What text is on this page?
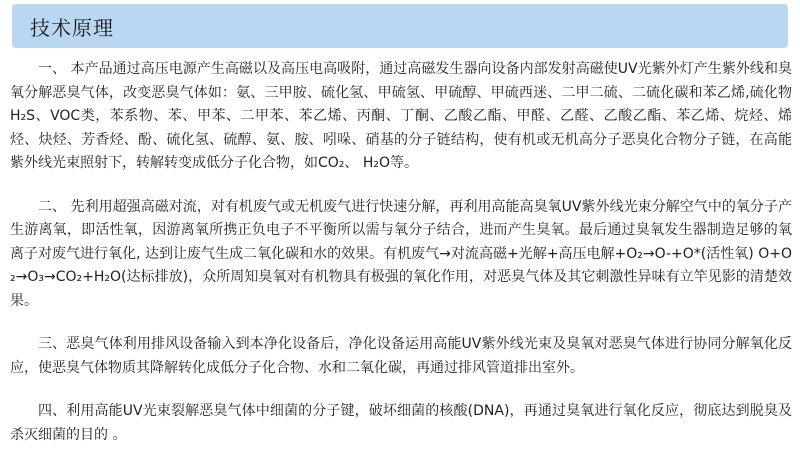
技术原理

一、 本产品通过高压电源产生高磁以及高压电高吸附，通过高磁发生器向设备内部发射高磁使UV光紫外灯产生紫外线和臭氧分解恶臭气体，改变恶臭气体如：氨、三甲胺、硫化氢、甲硫氢、甲硫醇、甲硫西迷、二甲二硫、二硫化碳和苯乙烯,硫化物H₂S、VOC类，苯系物、苯、甲苯、二甲苯、苯乙烯、丙酮、丁酮、乙酸乙酯、甲醛、乙醛、乙酸乙酯、苯乙烯、烷烃、烯烃、炔烃、芳香烃、酚、硫化氢、硫醇、氨、胺、吲哚、硝基的分子链结构，使有机或无机高分子恶臭化合物分子链，在高能紫外线光束照射下，转解转变成低分子化合物，如CO₂、 H₂O等。

二、 先利用超强高磁对流，对有机废气或无机废气进行快速分解，再利用高能高臭氧UV紫外线光束分解空气中的氧分子产生游离氧，即活性氧，因游离氧所携正负电子不平衡所以需与氧分子结合，进而产生臭氧。最后通过臭氧发生器制造足够的氧离子对废气进行氧化, 达到让废气生成二氧化碳和水的效果。有机废气→对流高磁+光解+高压电解+O₂→O-+O*(活性氧) O+O₂→O₃→CO₂+H₂O(达标排放)，众所周知臭氧对有机物具有极强的氧化作用，对恶臭气体及其它刺激性异味有立竿见影的清楚效果。

三、恶臭气体利用排风设备输入到本净化设备后，净化设备运用高能UV紫外线光束及臭氧对恶臭气体进行协同分解氧化反应，使恶臭气体物质其降解转化成低分子化合物、水和二氧化碳，再通过排风管道排出室外。

四、利用高能UV光束裂解恶臭气体中细菌的分子键，破坏细菌的核酸(DNA)，再通过臭氧进行氧化反应，彻底达到脱臭及杀灭细菌的目的 。
